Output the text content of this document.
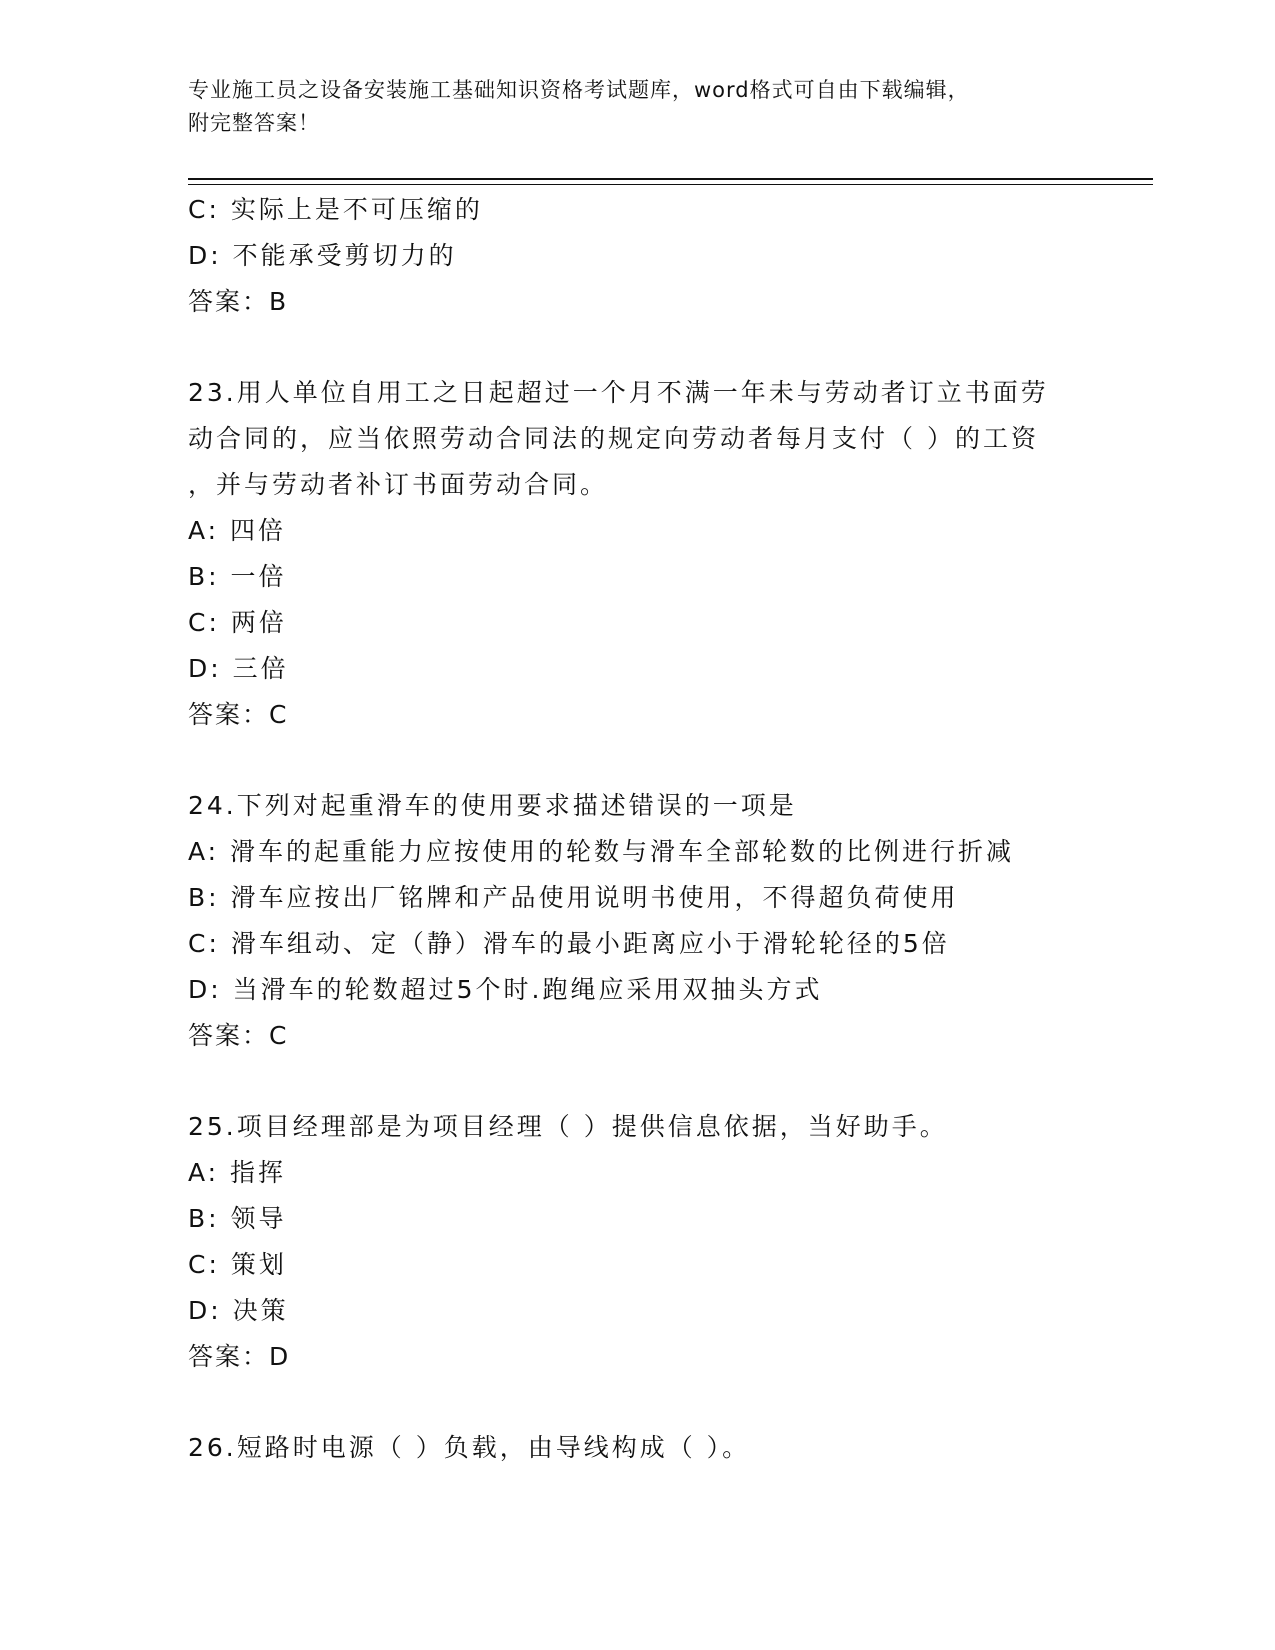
专业施工员之设备安装施工基础知识资格考试题库，word格式可自由下载编辑，
附完整答案！
C: 实际上是不可压缩的
D: 不能承受剪切力的
答案：B
23.用人单位自用工之日起超过一个月不满一年未与劳动者订立书面劳
动合同的，应当依照劳动合同法的规定向劳动者每月支付（ ）的工资
，并与劳动者补订书面劳动合同。
A: 四倍
B: 一倍
C: 两倍
D: 三倍
答案：C
24.下列对起重滑车的使用要求描述错误的一项是
A: 滑车的起重能力应按使用的轮数与滑车全部轮数的比例进行折减
B: 滑车应按出厂铭牌和产品使用说明书使用，不得超负荷使用
C: 滑车组动、定（静）滑车的最小距离应小于滑轮轮径的5倍
D: 当滑车的轮数超过5个时.跑绳应采用双抽头方式
答案：C
25.项目经理部是为项目经理（ ）提供信息依据，当好助手。
A: 指挥
B: 领导
C: 策划
D: 决策
答案：D
26.短路时电源（ ）负载，由导线构成（ ）。
